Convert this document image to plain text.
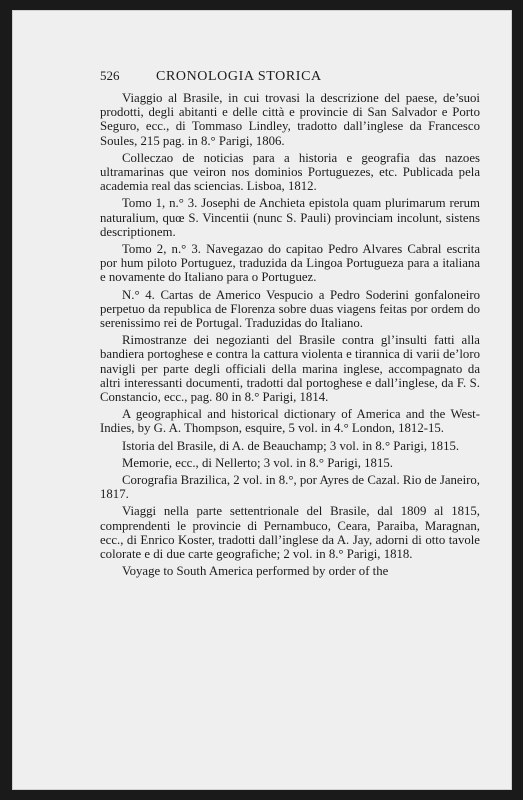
526	CRONOLOGIA STORICA

Viaggio al Brasile, in cui trovasi la descrizione del paese, de’suoi prodotti, degli abitanti e delle città e provincie di San Salvador e Porto Seguro, ecc., di Tommaso Lindley, tradotto dall’inglese da Francesco Soules, 215 pag. in 8.° Parigi, 1806.

Colleczao de noticias para a historia e geografia das nazoes ultramarinas que veiron nos dominios Portuguezes, etc. Publicada pela academia real das sciencias. Lisboa, 1812.

Tomo 1, n.° 3. Josephi de Anchieta epistola quam plurimarum rerum naturalium, quœ S. Vincentii (nunc S. Pauli) provinciam incolunt, sistens descriptionem.

Tomo 2, n.° 3. Navegazao do capitao Pedro Alvares Cabral escrita por hum piloto Portuguez, traduzida da Lingoa Portugueza para a italiana e novamente do Italiano para o Portuguez.

N.° 4. Cartas de Americo Vespucio a Pedro Soderini gonfaloneiro perpetuo da republica de Florenza sobre duas viagens feitas por ordem do serenissimo rei de Portugal. Traduzidas do Italiano.

Rimostranze dei negozianti del Brasile contra gl’insulti fatti alla bandiera portoghese e contra la cattura violenta e tirannica di varii de’loro navigli per parte degli officiali della marina inglese, accompagnato da altri interessanti documenti, tradotti dal portoghese e dall’inglese, da F. S. Constancio, ecc., pag. 80 in 8.° Parigi, 1814.

A geographical and historical dictionary of America and the West-Indies, by G. A. Thompson, esquire, 5 vol. in 4.° London, 1812-15.

Istoria del Brasile, di A. de Beauchamp; 3 vol. in 8.° Parigi, 1815.

Memorie, ecc., di Nellerto; 3 vol. in 8.° Parigi, 1815.

Corografia Brazilica, 2 vol. in 8.°, por Ayres de Cazal. Rio de Janeiro, 1817.

Viaggi nella parte settentrionale del Brasile, dal 1809 al 1815, comprendenti le provincie di Pernambuco, Ceara, Paraiba, Maragnan, ecc., di Enrico Koster, tradotti dall’inglese da A. Jay, adorni di otto tavole colorate e di due carte geografiche; 2 vol. in 8.° Parigi, 1818.

Voyage to South America performed by order of the
